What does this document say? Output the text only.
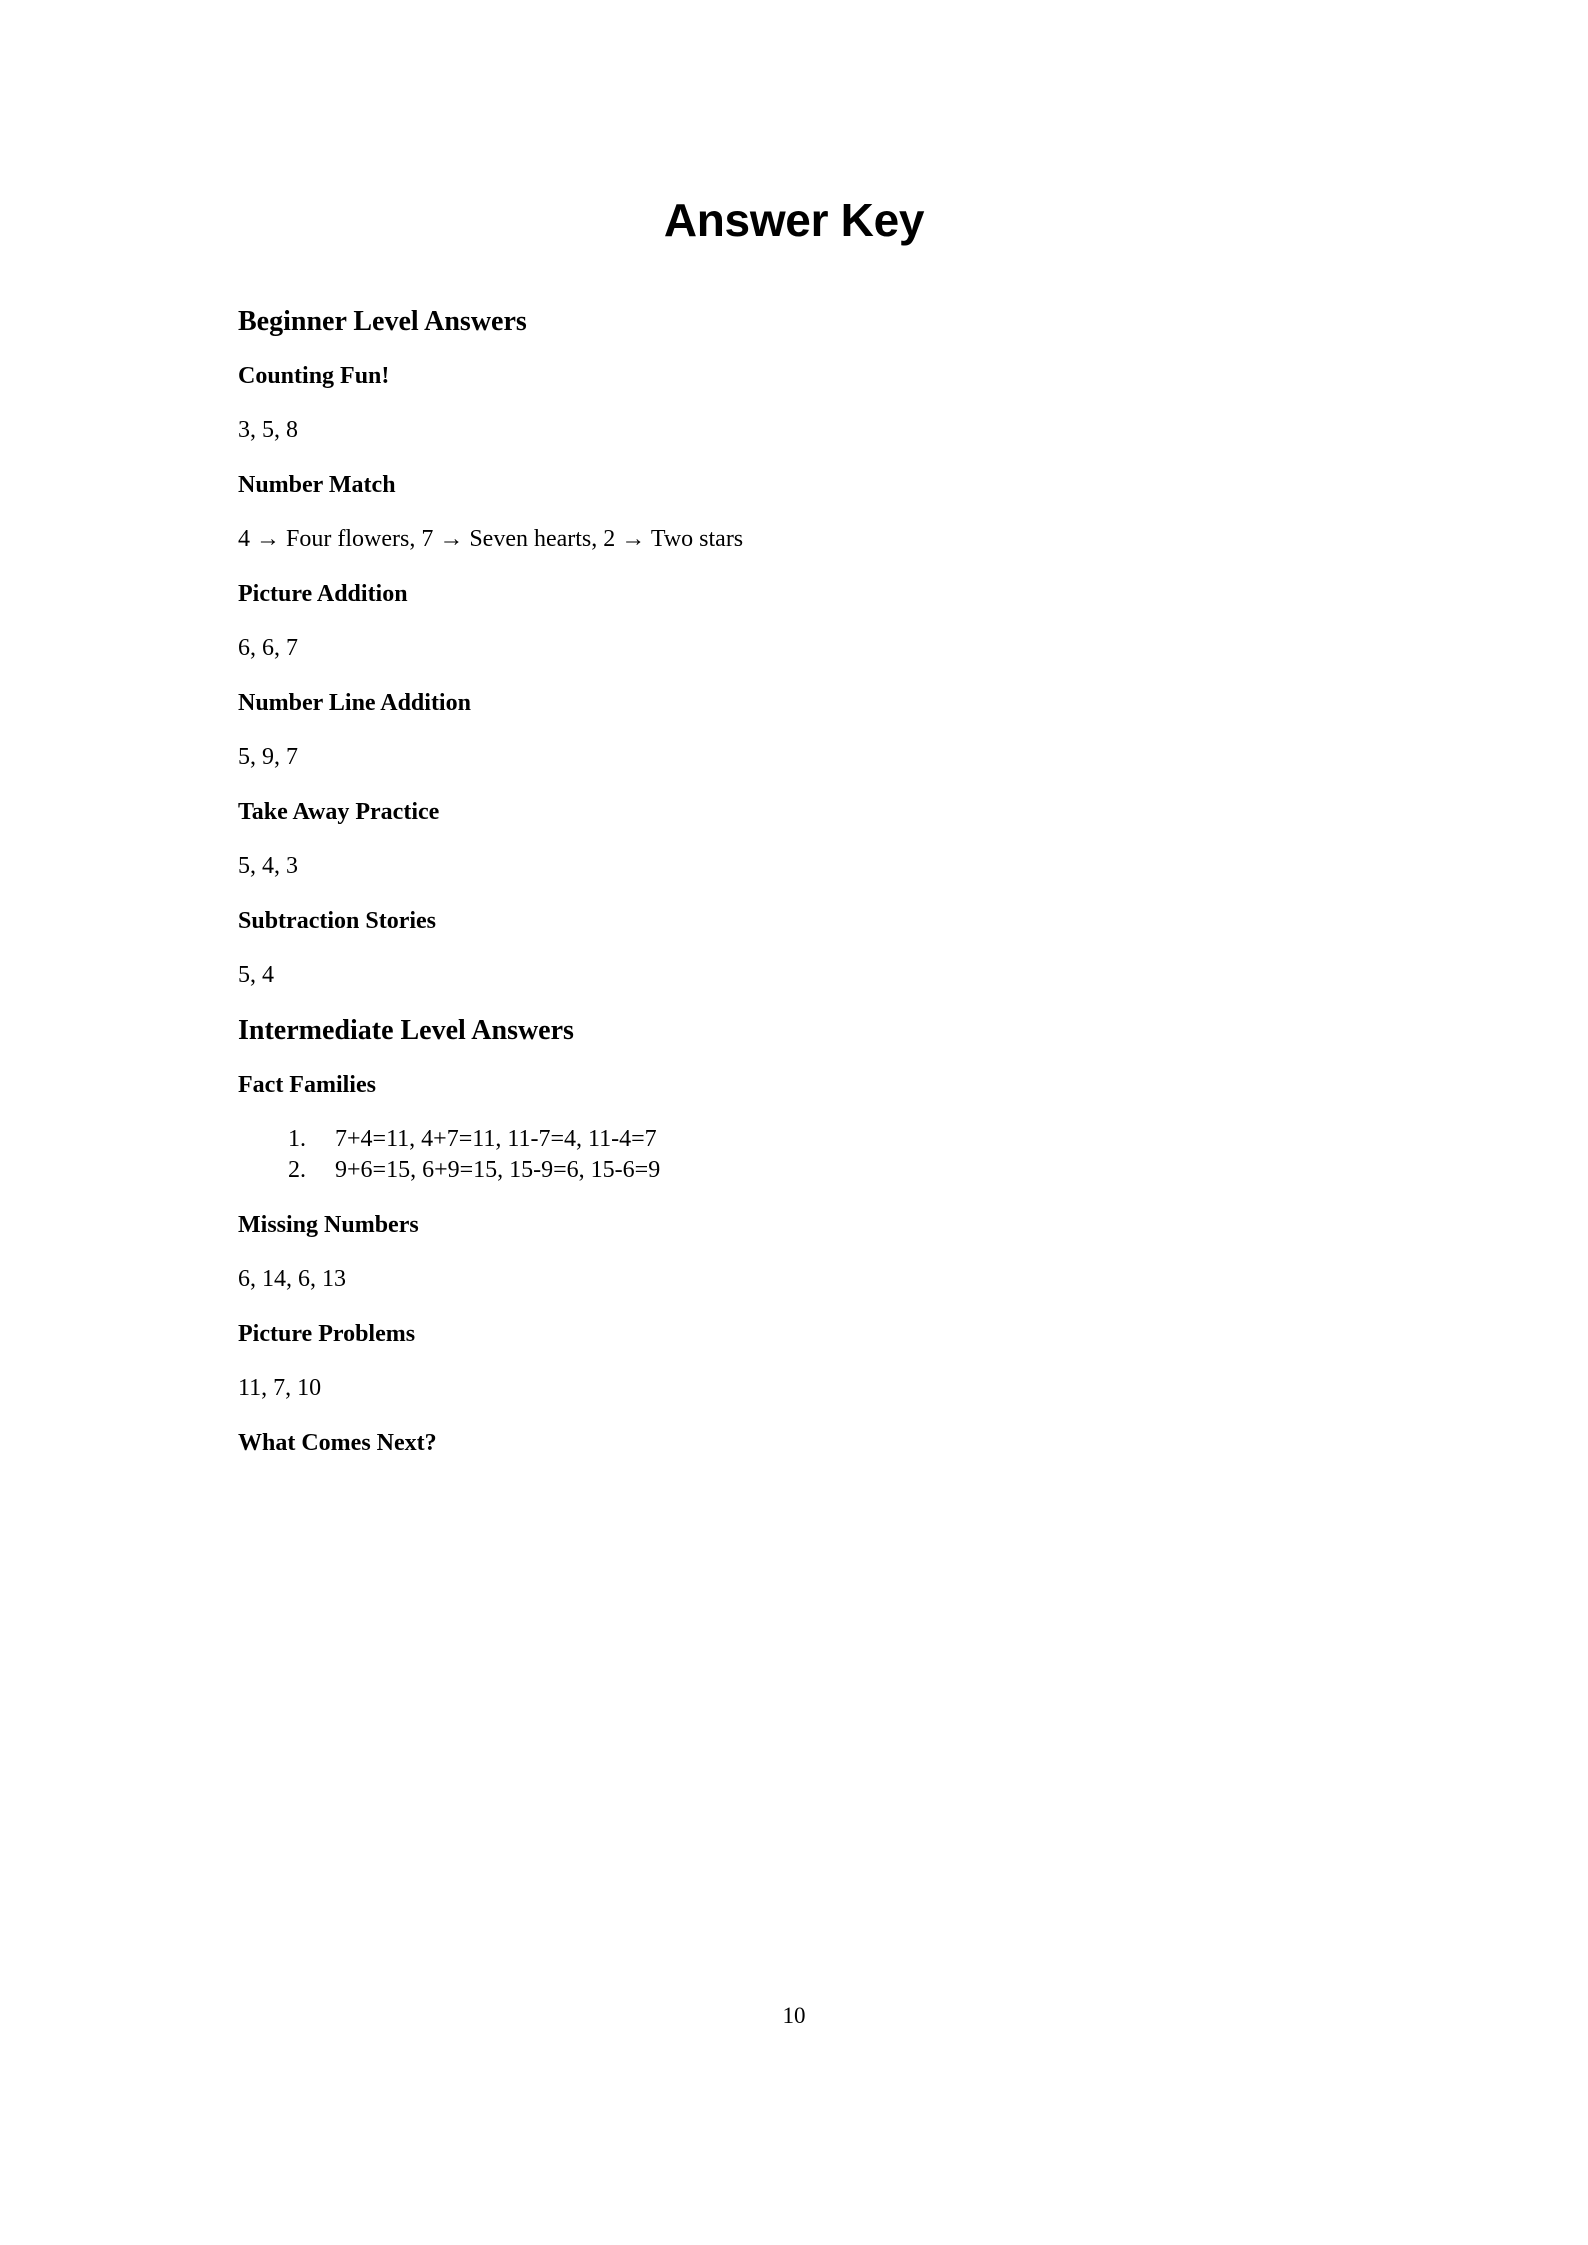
Answer Key
Beginner Level Answers
Counting Fun!
3, 5, 8
Number Match
4 → Four flowers, 7 → Seven hearts, 2 → Two stars
Picture Addition
6, 6, 7
Number Line Addition
5, 9, 7
Take Away Practice
5, 4, 3
Subtraction Stories
5, 4
Intermediate Level Answers
Fact Families
7+4=11, 4+7=11, 11-7=4, 11-4=7
9+6=15, 6+9=15, 15-9=6, 15-6=9
Missing Numbers
6, 14, 6, 13
Picture Problems
11, 7, 10
What Comes Next?
10
